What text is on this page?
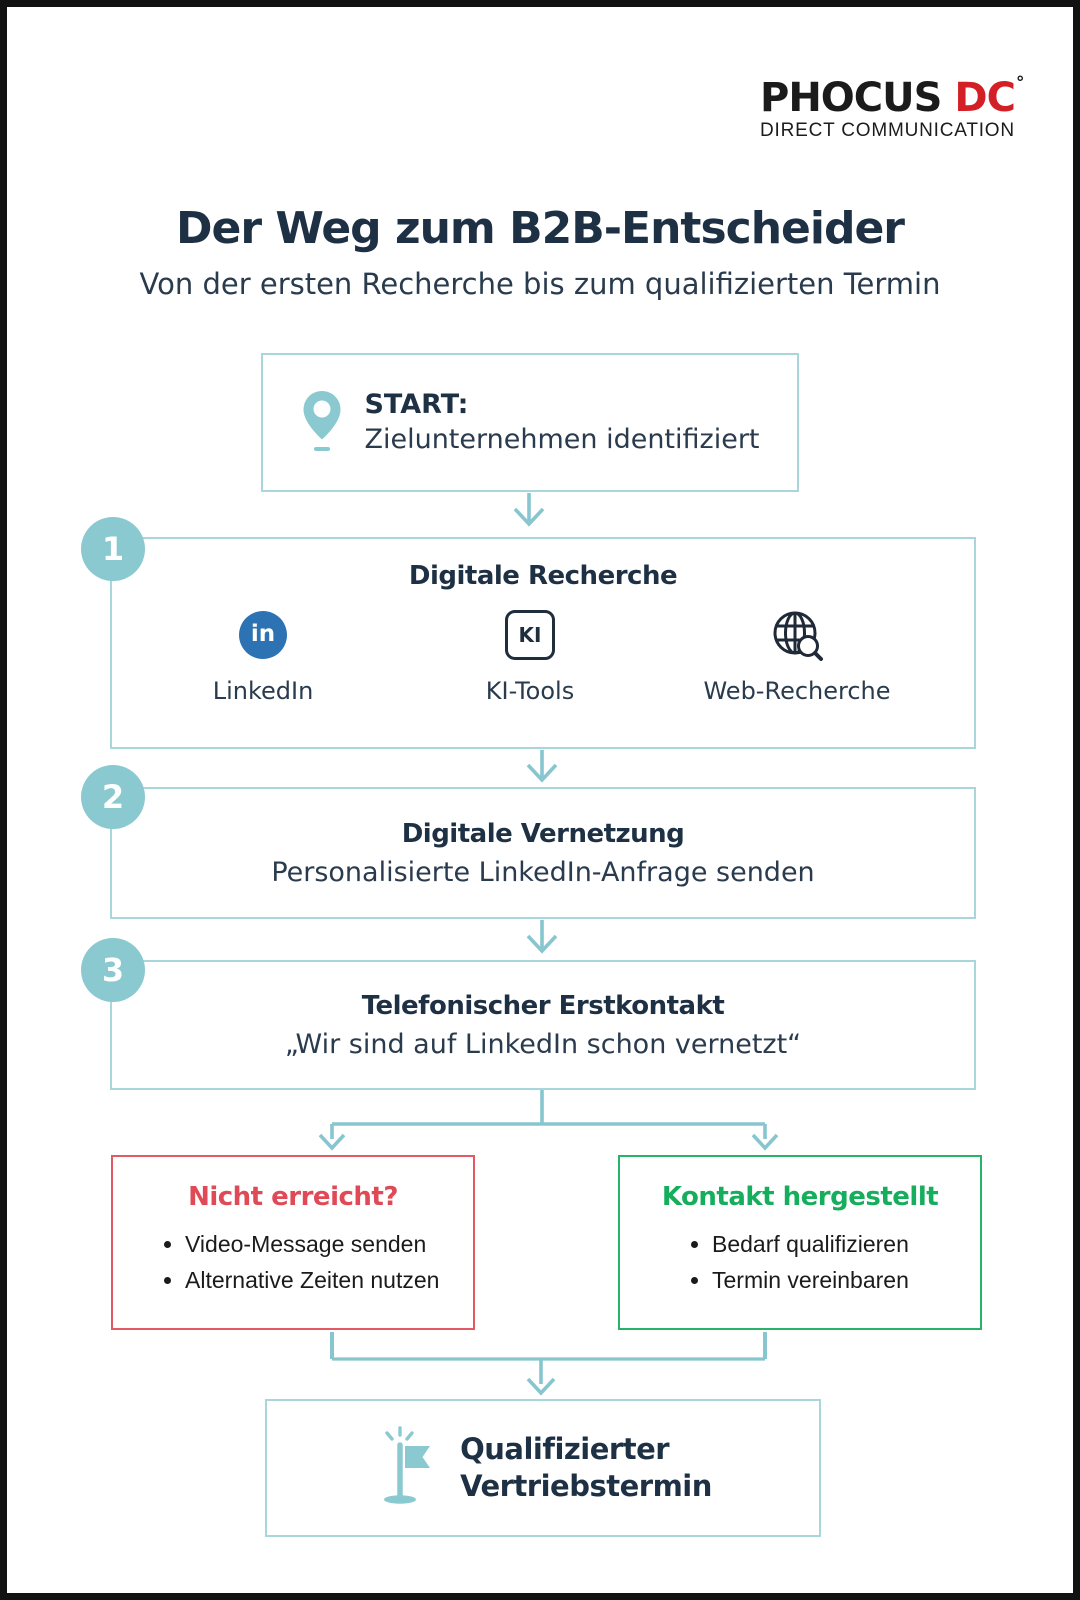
PHOCUS DC°
DIRECT COMMUNICATION
Der Weg zum B2B-Entscheider
Von der ersten Recherche bis zum qualifizierten Termin
START:
Zielunternehmen identifiziert
1
Digitale Recherche
in
LinkedIn
KI
KI-Tools	Web-Recherche
2
Digitale Vernetzung
Personalisierte LinkedIn-Anfrage senden
3
Telefonischer Erstkontakt
„Wir sind auf LinkedIn schon vernetzt“
Nicht erreicht?
• Video-Message senden
• Alternative Zeiten nutzen
Kontakt hergestellt
• Bedarf qualifizieren
• Termin vereinbaren
Qualifizierter
Vertriebstermin
